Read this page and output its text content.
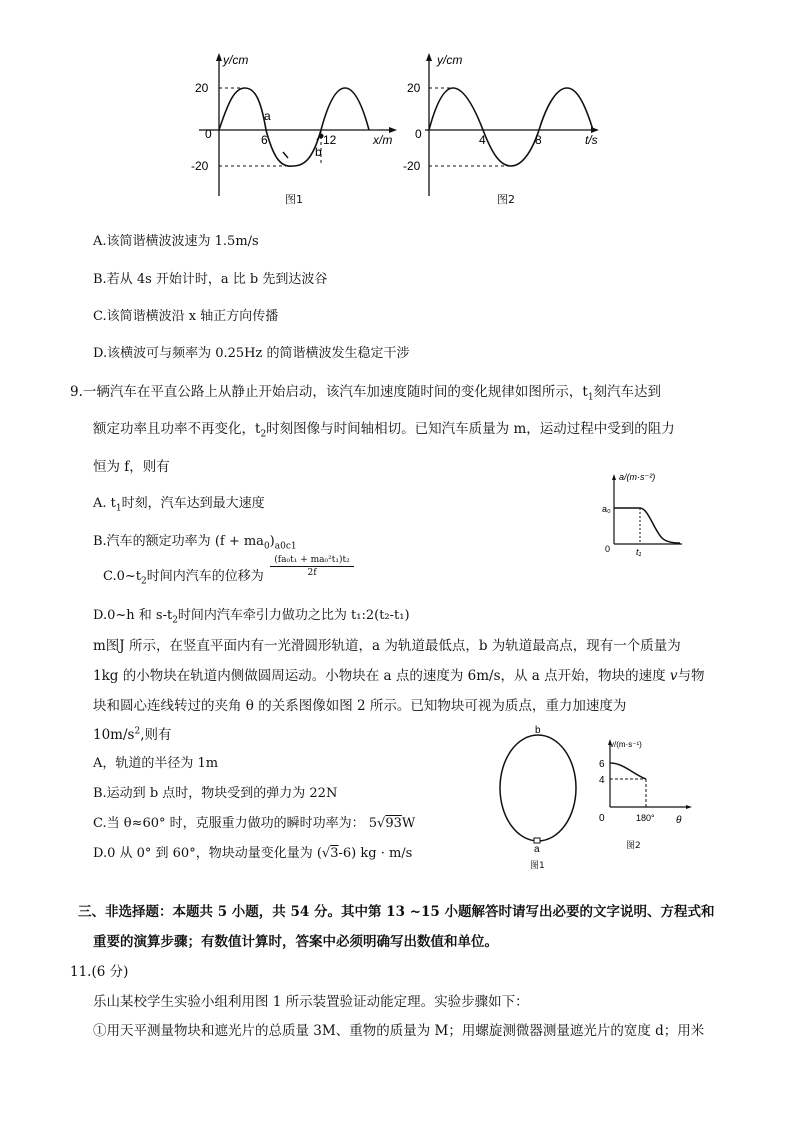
y/cm
20
-20
0	6	12	x/m
a
b
图1
y/cm
20
-20
0	4	8	t/s
图2
A.该简谐横波波速为 1.5m/s
B.若从 4s 开始计时，a 比 b 先到达波谷
C.该简谐横波沿 x 轴正方向传播
D.该横波可与频率为 0.25Hz 的简谐横波发生稳定干涉
9.一辆汽车在平直公路上从静止开始启动，该汽车加速度随时间的变化规律如图所示，$t_1$刻汽车达到
额定功率且功率不再变化，$t_2$时刻图像与时间轴相切。已知汽车质量为 m，运动过程中受到的阻力
恒为 f，则有
A. $t_1$时刻，汽车达到最大速度
B.汽车的额定功率为 $(f + ma_0)_{a0c1}$
$C.0\sim t_2$时间内汽车的位移为 $\frac{\text{(fa₀t₁ + ma₀²t₁)t₂}}{2f}$
D.0~h 和 $s-t_2$时间内汽车牵引力做功之比为 t₁:2(t₂-t₁)
a/(m·s⁻²)
a₀
0	t₁
m图J 所示，在竖直平面内有一光滑圆形轨道，a 为轨道最低点，b 为轨道最高点，现有一个质量为
1kg 的小物块在轨道内侧做圆周运动。小物块在 a 点的速度为 6m/s，从 a 点开始，物块的速度 v与物
块和圆心连线转过的夹角 θ 的关系图像如图 2 所示。已知物块可视为质点，重力加速度为
$10m/s^2$,则有
A，轨道的半径为 1m
B.运动到 b 点时，物块受到的弹力为 22N
C.当 θ≈60° 时，克服重力做功的瞬时功率为： 5√93W
D.0 从 0° 到 60°，物块动量变化量为 (√3-6) kg · m/s
b
a
图1
v/(m·s⁻¹)
6
4
0	180° θ
图2
三、非选择题：本题共 5 小题，共 54 分。其中第 13 ~15 小题解答时请写出必要的文字说明、方程式和
重要的演算步骤；有数值计算时，答案中必须明确写出数值和单位。
11.(6 分)
乐山某校学生实验小组利用图 1 所示装置验证动能定理。实验步骤如下：
①用天平测量物块和遮光片的总质量 3M、重物的质量为 M；用螺旋测微器测量遮光片的宽度 d；用米
